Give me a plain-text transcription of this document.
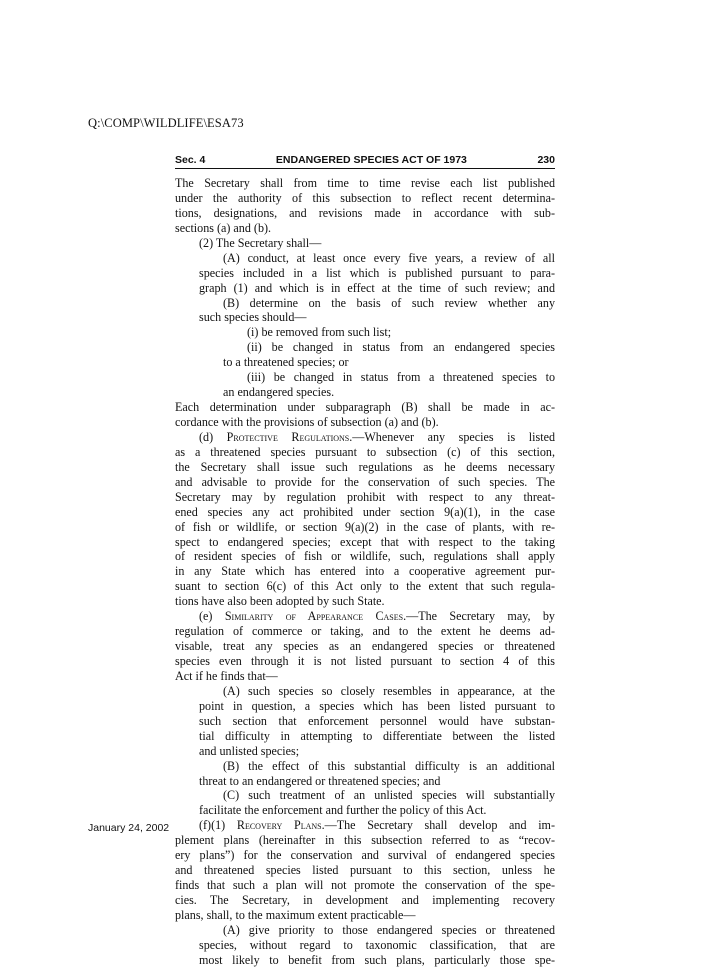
Q:\COMP\WILDLIFE\ESA73
Sec. 4	ENDANGERED SPECIES ACT OF 1973	230
The Secretary shall from time to time revise each list published
under the authority of this subsection to reflect recent determina-
tions, designations, and revisions made in accordance with sub-
sections (a) and (b).
(2) The Secretary shall—
(A) conduct, at least once every five years, a review of all
species included in a list which is published pursuant to para-
graph (1) and which is in effect at the time of such review; and
(B) determine on the basis of such review whether any
such species should—
(i) be removed from such list;
(ii) be changed in status from an endangered species
to a threatened species; or
(iii) be changed in status from a threatened species to
an endangered species.
Each determination under subparagraph (B) shall be made in ac-
cordance with the provisions of subsection (a) and (b).
(d) Protective Regulations.—Whenever any species is listed
as a threatened species pursuant to subsection (c) of this section,
the Secretary shall issue such regulations as he deems necessary
and advisable to provide for the conservation of such species. The
Secretary may by regulation prohibit with respect to any threat-
ened species any act prohibited under section 9(a)(1), in the case
of fish or wildlife, or section 9(a)(2) in the case of plants, with re-
spect to endangered species; except that with respect to the taking
of resident species of fish or wildlife, such, regulations shall apply
in any State which has entered into a cooperative agreement pur-
suant to section 6(c) of this Act only to the extent that such regula-
tions have also been adopted by such State.
(e) Similarity of Appearance Cases.—The Secretary may, by
regulation of commerce or taking, and to the extent he deems ad-
visable, treat any species as an endangered species or threatened
species even through it is not listed pursuant to section 4 of this
Act if he finds that—
(A) such species so closely resembles in appearance, at the
point in question, a species which has been listed pursuant to
such section that enforcement personnel would have substan-
tial difficulty in attempting to differentiate between the listed
and unlisted species;
(B) the effect of this substantial difficulty is an additional
threat to an endangered or threatened species; and
(C) such treatment of an unlisted species will substantially
facilitate the enforcement and further the policy of this Act.
(f)(1) Recovery Plans.—The Secretary shall develop and im-
plement plans (hereinafter in this subsection referred to as “recov-
ery plans”) for the conservation and survival of endangered species
and threatened species listed pursuant to this section, unless he
finds that such a plan will not promote the conservation of the spe-
cies. The Secretary, in development and implementing recovery
plans, shall, to the maximum extent practicable—
(A) give priority to those endangered species or threatened
species, without regard to taxonomic classification, that are
most likely to benefit from such plans, particularly those spe-
January 24, 2002
